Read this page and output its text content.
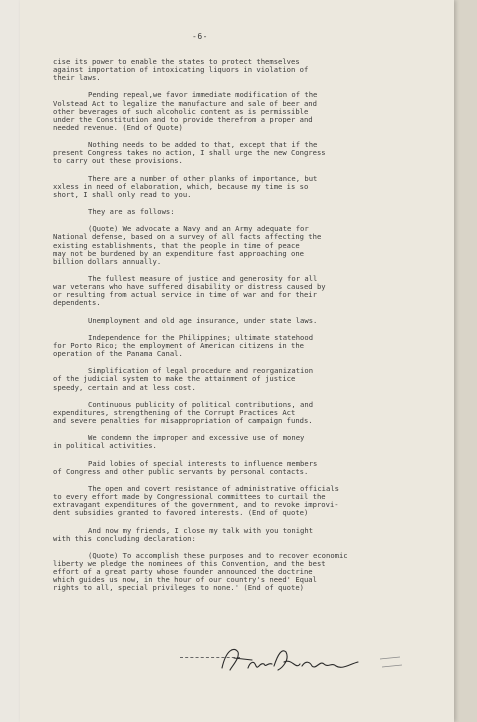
-6-

cise its power to enable the states to protect themselves
against importation of intoxicating liquors in violation of
their laws.

Pending repeal,we favor immediate modification of the
Volstead Act to legalize the manufacture and sale of beer and
other beverages of such alcoholic content as is permissible
under the Constitution and to provide therefrom a proper and
needed revenue. (End of Quote)

Nothing needs to be added to that, except that if the
present Congress takes no action, I shall urge the new Congress
to carry out these provisions.

There are a number of other planks of importance, but
xxless in need of elaboration, which, because my time is so
short, I shall only read to you.

They are as follows:

(Quote) We advocate a Navy and an Army adequate for
National defense, based on a survey of all facts affecting the
existing establishments, that the people in time of peace
may not be burdened by an expenditure fast approaching one
billion dollars annually.

The fullest measure of justice and generosity for all
war veterans who have suffered disability or distress caused by
or resulting from actual service in time of war and for their
dependents.

Unemployment and old age insurance, under state laws.

Independence for the Philippines; ultimate statehood
for Porto Rico; the employment of American citizens in the
operation of the Panama Canal.

Simplification of legal procedure and reorganization
of the judicial system to make the attainment of justice
speedy, certain and at less cost.

Continuous publicity of political contributions, and
expenditures, strengthening of the Corrupt Practices Act
and severe penalties for misappropriation of campaign funds.

We condemn the improper and excessive use of money
in political activities.

Paid lobies of special interests to influence members
of Congress and other public servants by personal contacts.

The open and covert resistance of administrative officials
to every effort made by Congressional committees to curtail the
extravagant expenditures of the government, and to revoke improvi-
dent subsidies granted to favored interests. (End of quote)

And now my friends, I close my talk with you tonight
with this concluding declaration:

(Quote) To accomplish these purposes and to recover economic
liberty we pledge the nominees of this Convention, and the best
effort of a great party whose founder announced the doctrine
which guides us now, in the hour of our country's need' Equal
rights to all, special privileges to none.' (End of quote)
